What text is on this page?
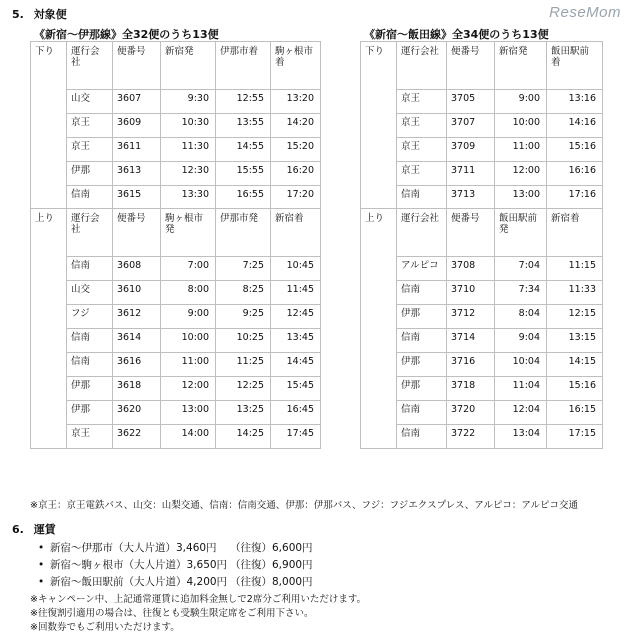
ReseMom
5. 対象便
《新宿～伊那線》全32便のうち13便	《新宿～飯田線》全34便のうち13便
下り	運行会社	便番号	新宿発	伊那市着	駒ヶ根市着
	山交	3607	9:30	12:55	13:20
	京王	3609	10:30	13:55	14:20
	京王	3611	11:30	14:55	15:20
	伊那	3613	12:30	15:55	16:20
	信南	3615	13:30	16:55	17:20
上り	運行会社	便番号	駒ヶ根市発	伊那市発	新宿着
	信南	3608	7:00	7:25	10:45
	山交	3610	8:00	8:25	11:45
	フジ	3612	9:00	9:25	12:45
	信南	3614	10:00	10:25	13:45
	信南	3616	11:00	11:25	14:45
	伊那	3618	12:00	12:25	15:45
	伊那	3620	13:00	13:25	16:45
	京王	3622	14:00	14:25	17:45
下り	運行会社	便番号	新宿発	飯田駅前着
	京王	3705	9:00	13:16
	京王	3707	10:00	14:16
	京王	3709	11:00	15:16
	京王	3711	12:00	16:16
	信南	3713	13:00	17:16
上り	運行会社	便番号	飯田駅前発	新宿着
	アルピコ	3708	7:04	11:15
	信南	3710	7:34	11:33
	伊那	3712	8:04	12:15
	信南	3714	9:04	13:15
	伊那	3716	10:04	14:15
	伊那	3718	11:04	15:16
	信南	3720	12:04	16:15
	信南	3722	13:04	17:15
※京王：京王電鉄バス、山交：山梨交通、信南：信南交通、伊那：伊那バス、フジ：フジエクスプレス、アルピコ：アルピコ交通
6. 運賃
• 新宿～伊那市（大人片道）3,460円	（往復）6,600円
• 新宿～駒ヶ根市（大人片道）3,650円 （往復）6,900円
• 新宿～飯田駅前（大人片道）4,200円 （往復）8,000円
※キャンペーン中、上記通常運賃に追加料金無しで2席分ご利用いただけます。
※往復割引適用の場合は、往復とも受験生限定席をご利用下さい。
※回数券でもご利用いただけます。
